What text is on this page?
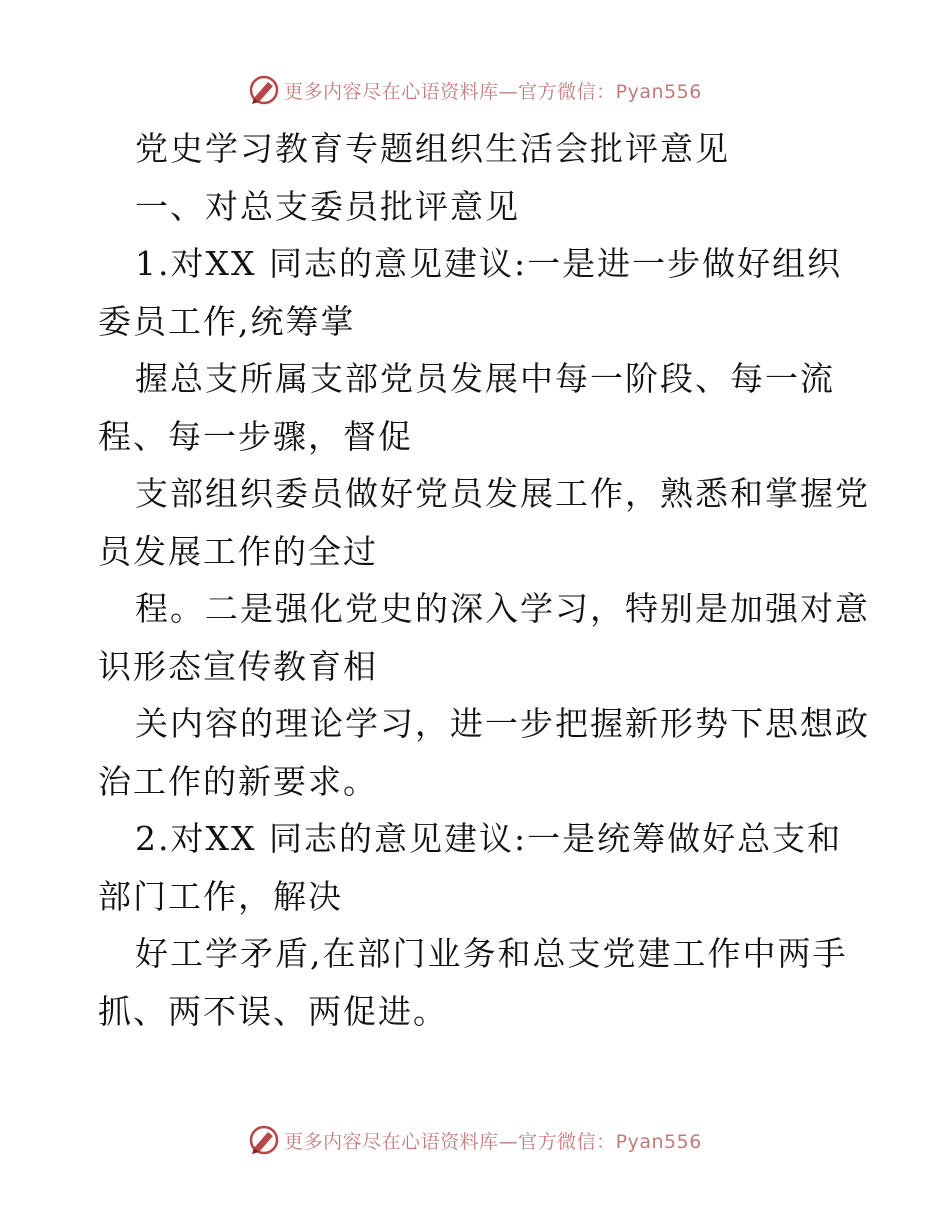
更多内容尽在心语资料库—官方微信：Pyan556
党史学习教育专题组织生活会批评意见
一、对总支委员批评意见
1.对XX 同志的意见建议:一是进一步做好组织
委员工作,统筹掌
握总支所属支部党员发展中每一阶段、每一流
程、每一步骤，督促
支部组织委员做好党员发展工作，熟悉和掌握党
员发展工作的全过
程。二是强化党史的深入学习，特别是加强对意
识形态宣传教育相
关内容的理论学习，进一步把握新形势下思想政
治工作的新要求。
2.对XX 同志的意见建议:一是统筹做好总支和
部门工作，解决
好工学矛盾,在部门业务和总支党建工作中两手
抓、两不误、两促进。
更多内容尽在心语资料库—官方微信：Pyan556
